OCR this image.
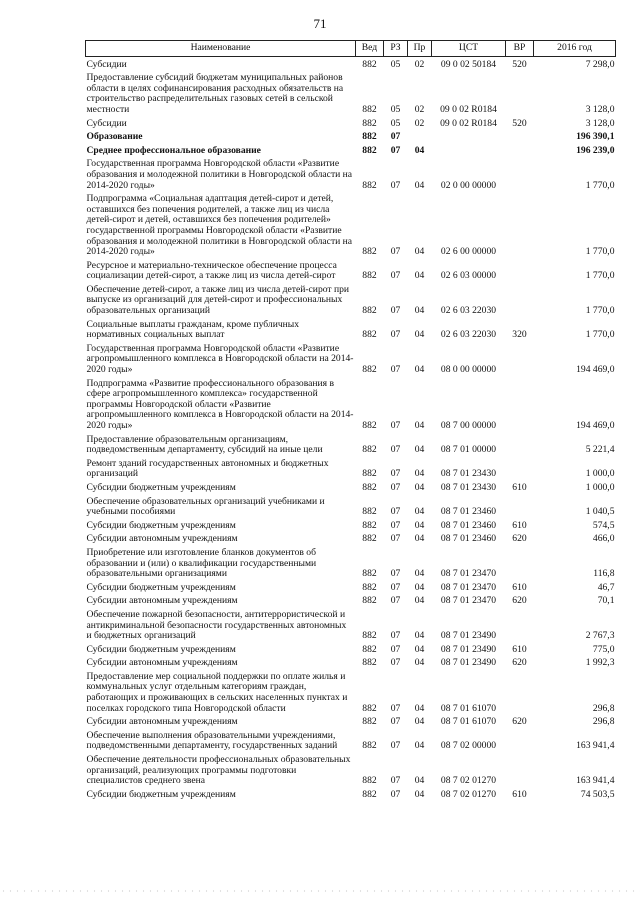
71
Наименование	Вед	РЗ	Пр	ЦСТ	ВР	2016 год
Субсидии	882	05	02	09 0 02 50184	520	7 298,0
Предоставление субсидий бюджетам муниципальных районов области в целях софинансирования расходных обязательств на строительство распределительных газовых сетей в сельской местности	882	05	02	09 0 02 R0184		3 128,0
Субсидии	882	05	02	09 0 02 R0184	520	3 128,0
Образование	882	07				196 390,1
Среднее профессиональное образование	882	07	04			196 239,0
Государственная программа Новгородской области «Развитие образования и молодежной политики в Новгородской области на 2014-2020 годы»	882	07	04	02 0 00 00000		1 770,0
Подпрограмма «Социальная адаптация детей-сирот и детей, оставшихся без попечения родителей, а также лиц из числа детей-сирот и детей, оставшихся без попечения родителей» государственной программы Новгородской области «Развитие образования и молодежной политики в Новгородской области на 2014-2020 годы»	882	07	04	02 6 00 00000		1 770,0
Ресурсное и материально-техническое обеспечение процесса социализации детей-сирот, а также лиц из числа детей-сирот	882	07	04	02 6 03 00000		1 770,0
Обеспечение детей-сирот, а также лиц из числа детей-сирот при выпуске из организаций для детей-сирот и профессиональных образовательных организаций	882	07	04	02 6 03 22030		1 770,0
Социальные выплаты гражданам, кроме публичных нормативных социальных выплат	882	07	04	02 6 03 22030	320	1 770,0
Государственная программа Новгородской области «Развитие агропромышленного комплекса в Новгородской области на 2014-2020 годы»	882	07	04	08 0 00 00000		194 469,0
Подпрограмма «Развитие профессионального образования в сфере агропромышленного комплекса» государственной программы Новгородской области «Развитие агропромышленного комплекса в Новгородской области на 2014-2020 годы»	882	07	04	08 7 00 00000		194 469,0
Предоставление образовательным организациям, подведомственным департаменту, субсидий на иные цели	882	07	04	08 7 01 00000		5 221,4
Ремонт зданий государственных автономных и бюджетных организаций	882	07	04	08 7 01 23430		1 000,0
Субсидии бюджетным учреждениям	882	07	04	08 7 01 23430	610	1 000,0
Обеспечение образовательных организаций учебниками и учебными пособиями	882	07	04	08 7 01 23460		1 040,5
Субсидии бюджетным учреждениям	882	07	04	08 7 01 23460	610	574,5
Субсидии автономным учреждениям	882	07	04	08 7 01 23460	620	466,0
Приобретение или изготовление бланков документов об образовании и (или) о квалификации государственными образовательными организациями	882	07	04	08 7 01 23470		116,8
Субсидии бюджетным учреждениям	882	07	04	08 7 01 23470	610	46,7
Субсидии автономным учреждениям	882	07	04	08 7 01 23470	620	70,1
Обеспечение пожарной безопасности, антитеррористической и антикриминальной безопасности государственных автономных и бюджетных организаций	882	07	04	08 7 01 23490		2 767,3
Субсидии бюджетным учреждениям	882	07	04	08 7 01 23490	610	775,0
Субсидии автономным учреждениям	882	07	04	08 7 01 23490	620	1 992,3
Предоставление мер социальной поддержки по оплате жилья и коммунальных услуг отдельным категориям граждан, работающих и проживающих в сельских населенных пунктах и поселках городского типа Новгородской области	882	07	04	08 7 01 61070		296,8
Субсидии автономным учреждениям	882	07	04	08 7 01 61070	620	296,8
Обеспечение выполнения образовательными учреждениями, подведомственными департаменту, государственных заданий	882	07	04	08 7 02 00000		163 941,4
Обеспечение деятельности профессиональных образовательных организаций, реализующих программы подготовки специалистов среднего звена	882	07	04	08 7 02 01270		163 941,4
Субсидии бюджетным учреждениям	882	07	04	08 7 02 01270	610	74 503,5
